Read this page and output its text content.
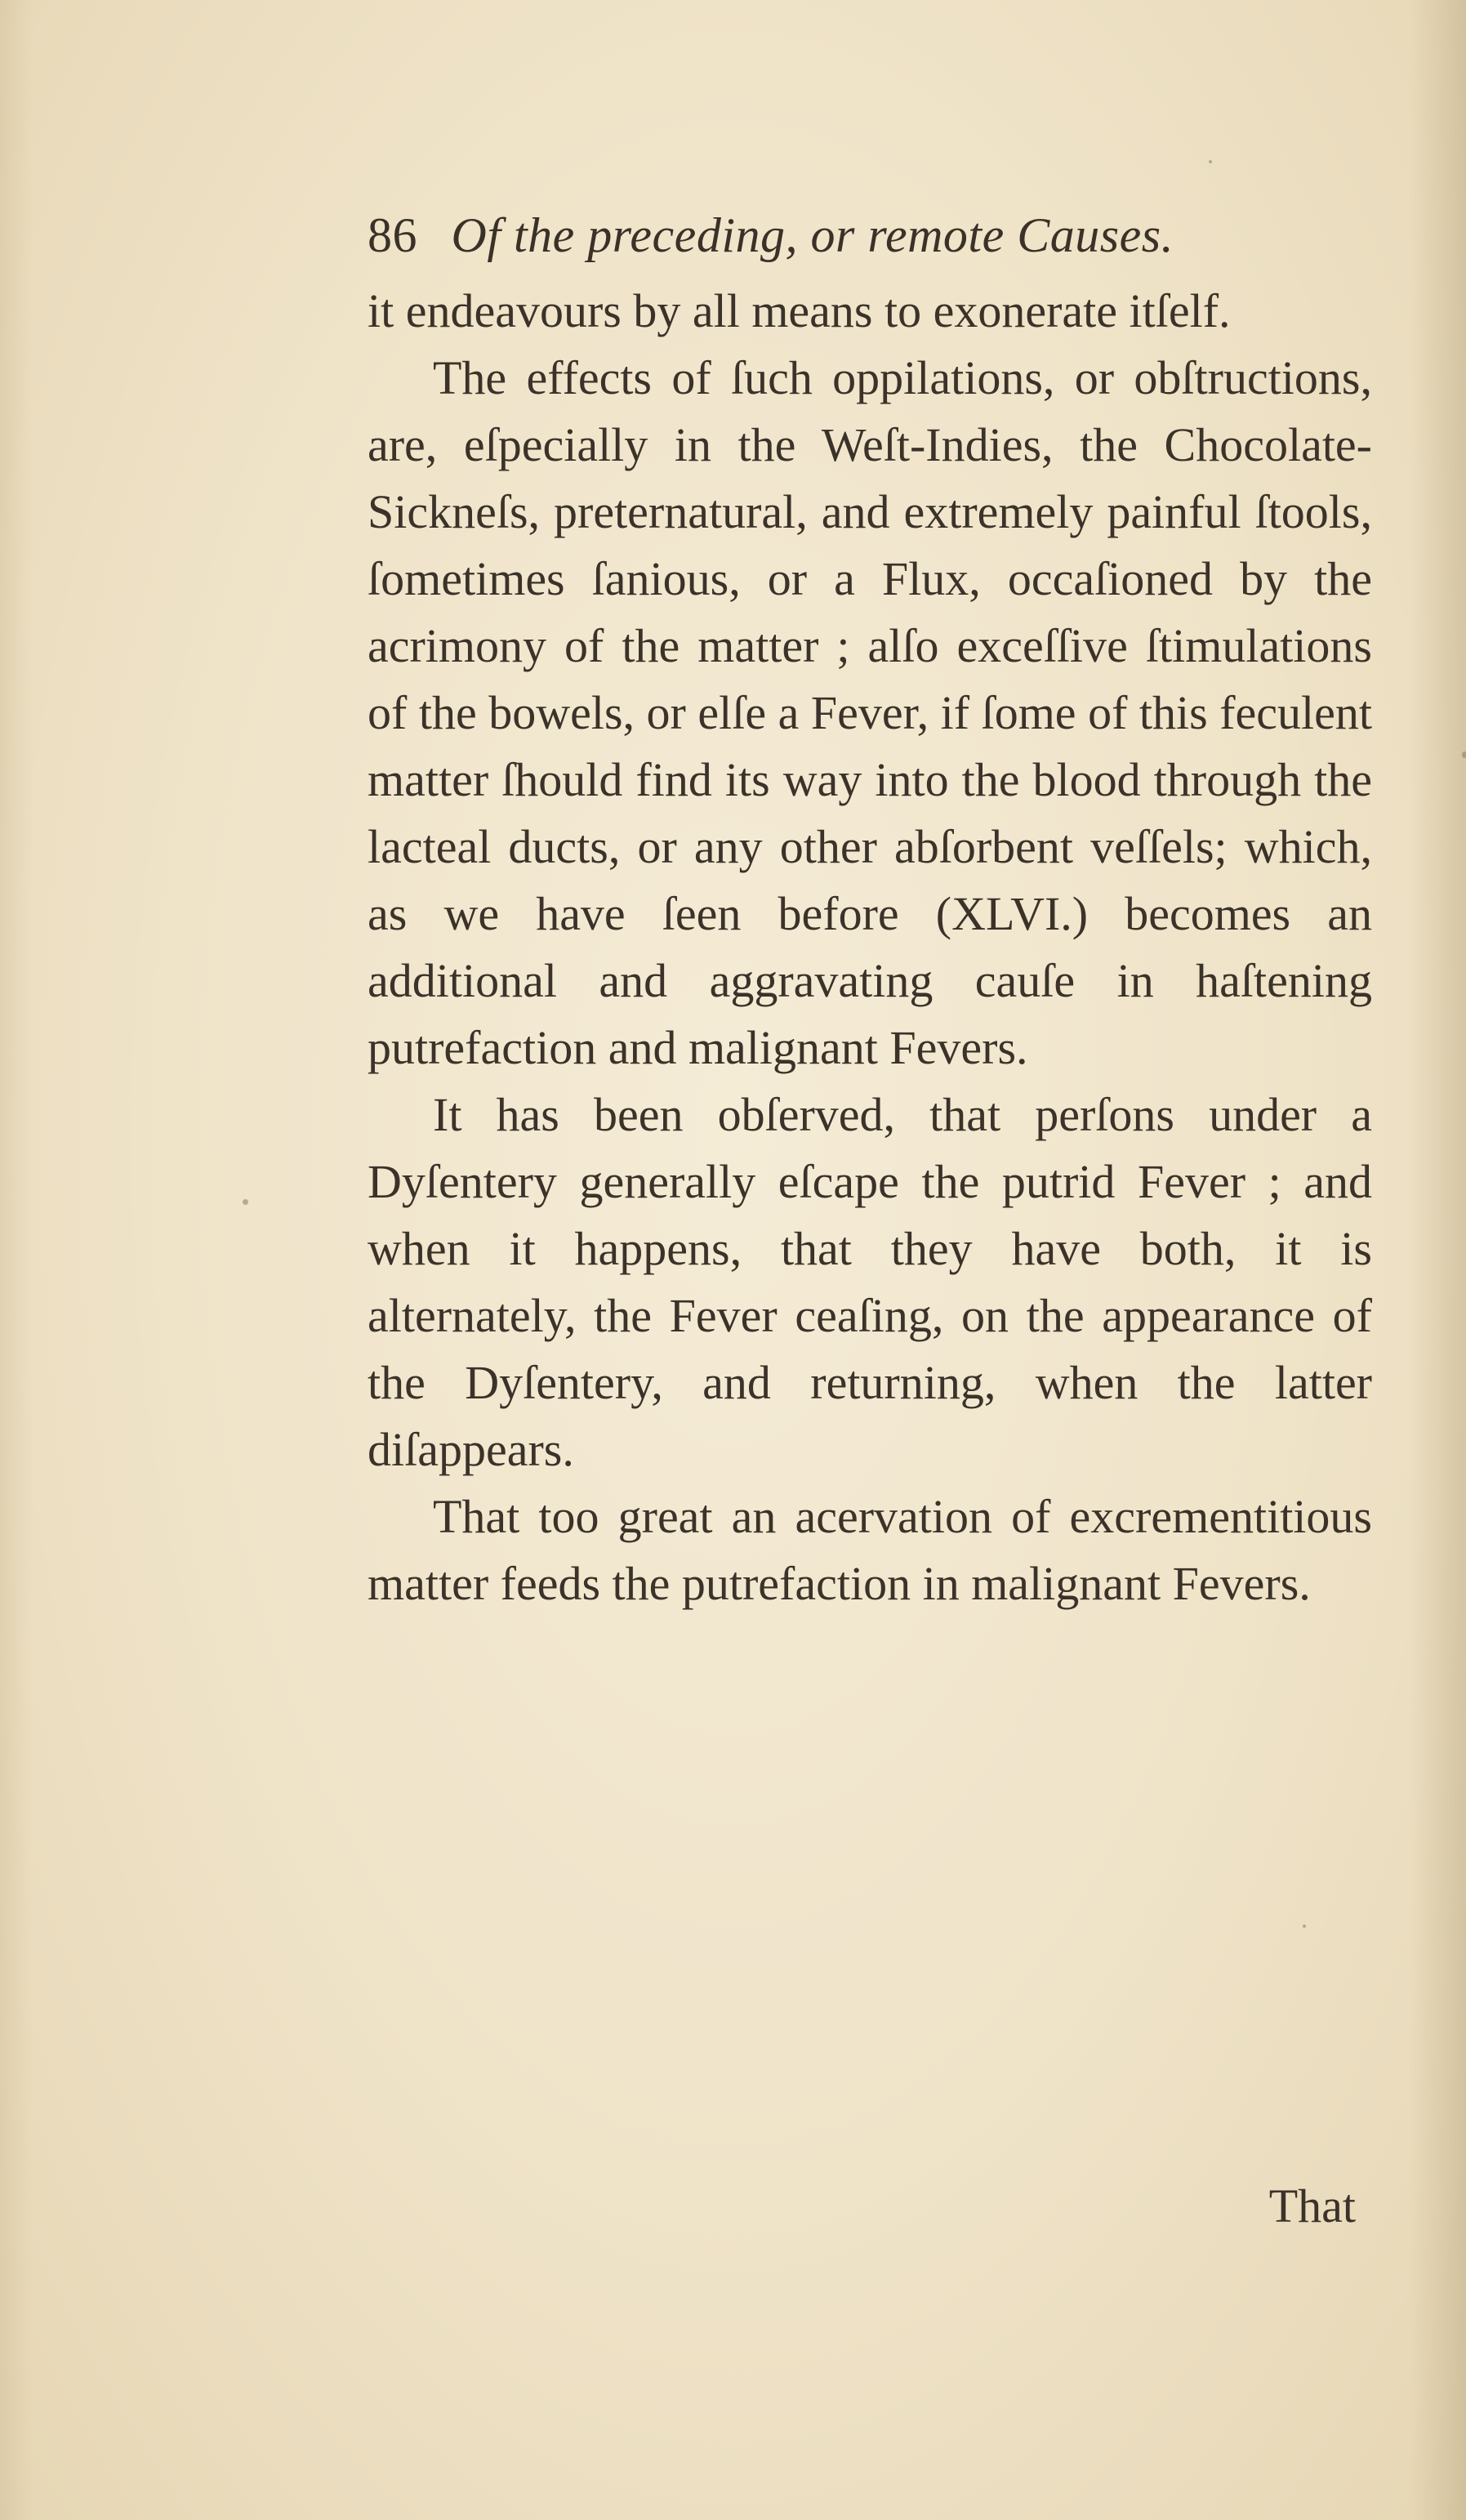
86 Of the preceding, or remote Causes.

it endeavours by all means to exonerate itſelf.

The effects of ſuch oppilations, or obſtructions, are, eſpecially in the Weſt-Indies, the Chocolate-Sickneſs, preternatural, and extremely painful ſtools, ſometimes ſanious, or a Flux, occaſioned by the acrimony of the matter ; alſo exceſſive ſtimulations of the bowels, or elſe a Fever, if ſome of this feculent matter ſhould find its way into the blood through the lacteal ducts, or any other abſorbent veſſels; which, as we have ſeen before (XLVI.) becomes an additional and aggravating cauſe in haſtening putrefaction and malignant Fevers.

It has been obſerved, that perſons under a Dyſentery generally eſcape the putrid Fever ; and when it happens, that they have both, it is alternately, the Fever ceaſing, on the appearance of the Dyſentery, and returning, when the latter diſappears.

That too great an acervation of excrementitious matter feeds the putrefaction in malignant Fevers.

That
